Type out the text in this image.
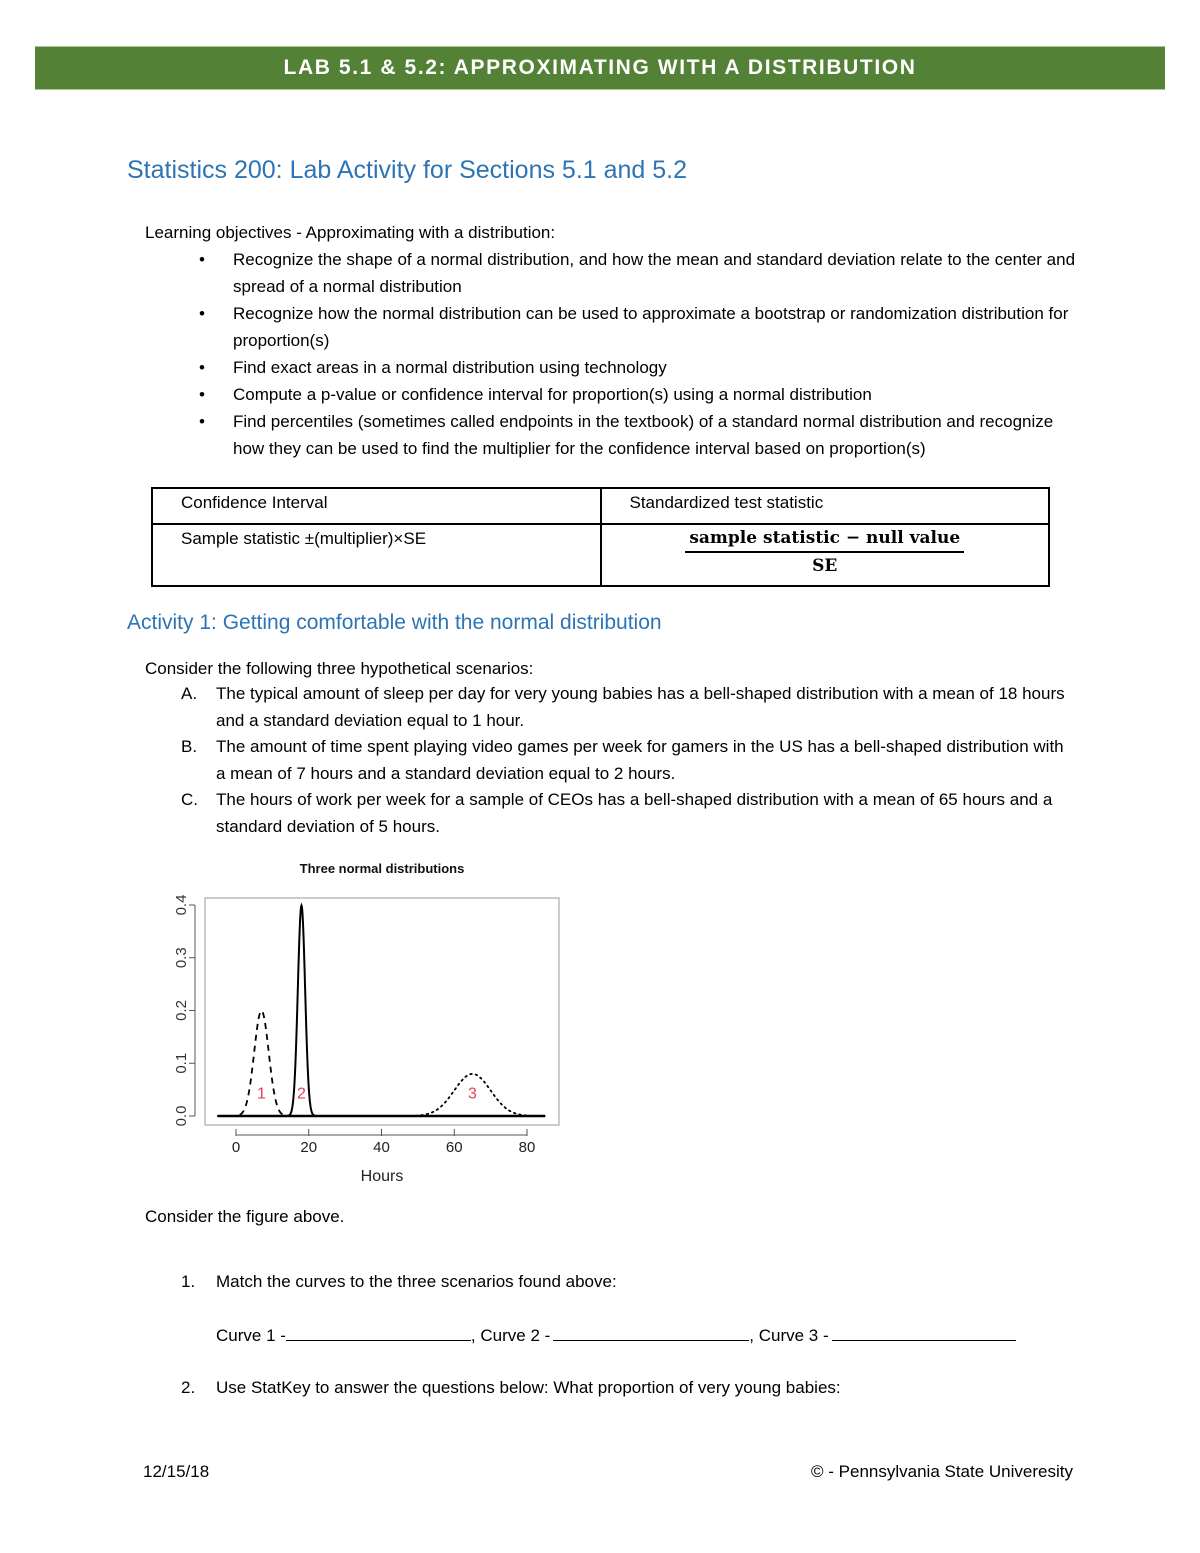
LAB 5.1 & 5.2: APPROXIMATING WITH A DISTRIBUTION
Statistics 200: Lab Activity for Sections 5.1 and 5.2
Learning objectives - Approximating with a distribution:
• Recognize the shape of a normal distribution, and how the mean and standard deviation relate to the center and spread of a normal distribution
• Recognize how the normal distribution can be used to approximate a bootstrap or randomization distribution for proportion(s)
• Find exact areas in a normal distribution using technology
• Compute a p-value or confidence interval for proportion(s) using a normal distribution
• Find percentiles (sometimes called endpoints in the textbook) of a standard normal distribution and recognize how they can be used to find the multiplier for the confidence interval based on proportion(s)
Confidence Interval	Standardized test statistic
Sample statistic ±(multiplier)×SE	$\frac{\text{sample statistic − null value}}{SE}$
Activity 1: Getting comfortable with the normal distribution
Consider the following three hypothetical scenarios:
A. The typical amount of sleep per day for very young babies has a bell-shaped distribution with a mean of 18 hours and a standard deviation equal to 1 hour.
B. The amount of time spent playing video games per week for gamers in the US has a bell-shaped distribution with a mean of 7 hours and a standard deviation equal to 2 hours.
C. The hours of work per week for a sample of CEOs has a bell-shaped distribution with a mean of 65 hours and a standard deviation of 5 hours.
Three normal distributions
0.0
0.1
0.2
0.3
0.4
0	20	40	60	80
1 2	3
Hours
Consider the figure above.
1. Match the curves to the three scenarios found above:
Curve 1 -	, Curve 2 -	, Curve 3 -
2. Use StatKey to answer the questions below: What proportion of very young babies:
12/15/18	© - Pennsylvania State Univeresity
